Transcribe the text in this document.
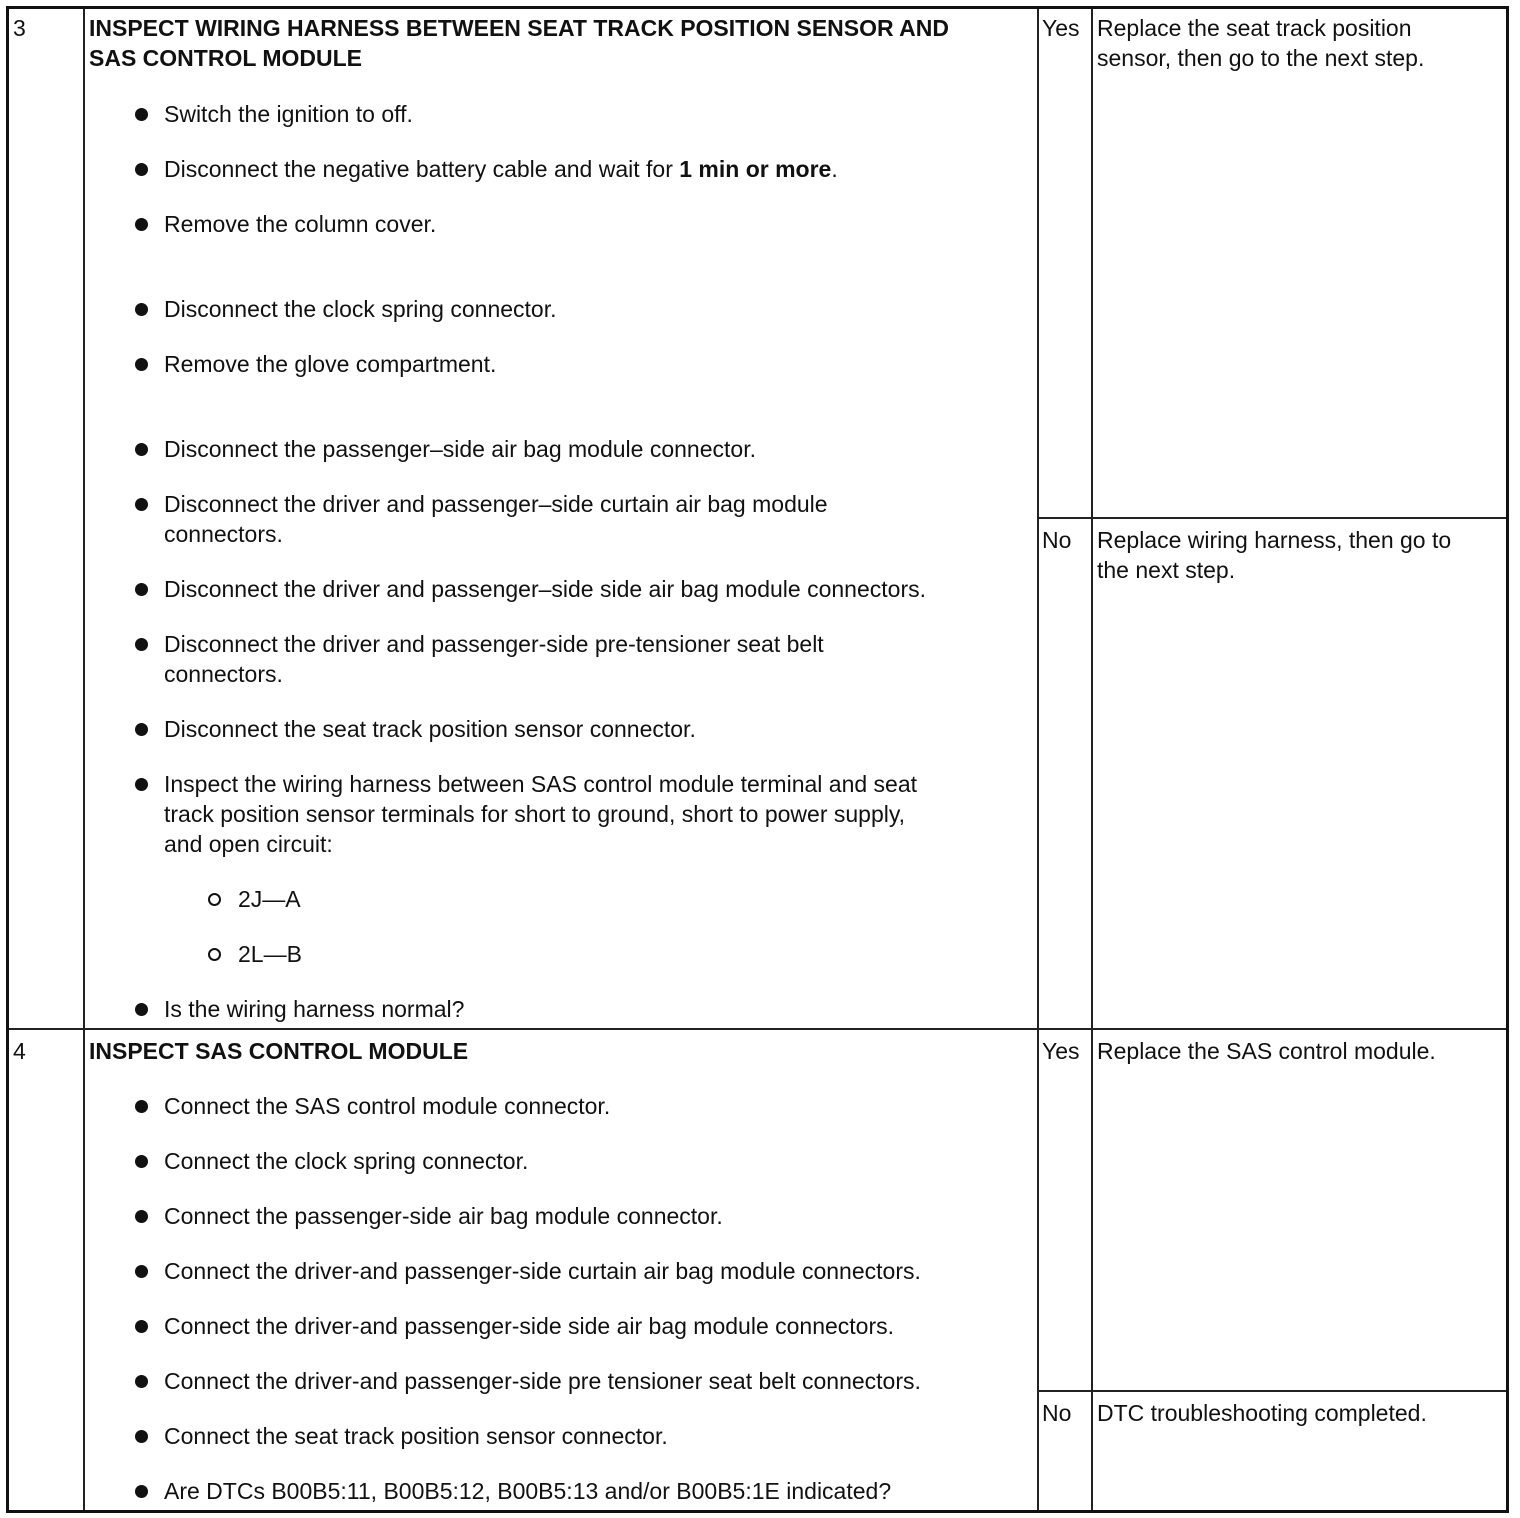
3	INSPECT WIRING HARNESS BETWEEN SEAT TRACK POSITION SENSOR AND
SAS CONTROL MODULE
Switch the ignition to off.
Disconnect the negative battery cable and wait for 1 min or more.
Remove the column cover.
Disconnect the clock spring connector.
Remove the glove compartment.
Disconnect the passenger–side air bag module connector.
Disconnect the driver and passenger–side curtain air bag module
connectors.
Disconnect the driver and passenger–side side air bag module connectors.
Disconnect the driver and passenger-side pre-tensioner seat belt
connectors.
Disconnect the seat track position sensor connector.
Inspect the wiring harness between SAS control module terminal and seat
track position sensor terminals for short to ground, short to power supply,
and open circuit:
2J—A
2L—B
Is the wiring harness normal?
Yes Replace the seat track position
sensor, then go to the next step.
No Replace wiring harness, then go to
the next step.
4	INSPECT SAS CONTROL MODULE
Connect the SAS control module connector.
Connect the clock spring connector.
Connect the passenger-side air bag module connector.
Connect the driver-and passenger-side curtain air bag module connectors.
Connect the driver-and passenger-side side air bag module connectors.
Connect the driver-and passenger-side pre tensioner seat belt connectors.
Connect the seat track position sensor connector.
Are DTCs B00B5:11, B00B5:12, B00B5:13 and/or B00B5:1E indicated?
Yes Replace the SAS control module.
No DTC troubleshooting completed.
